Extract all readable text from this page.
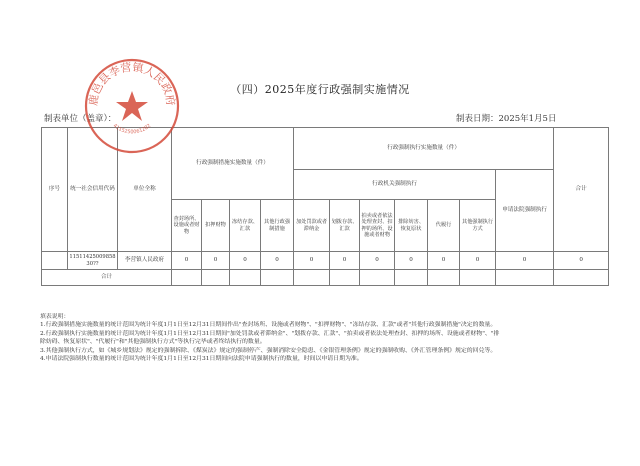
（四）2025年度行政强制实施情况
制表单位（盖章）：	制表日期：2025年1月5日
序号	统一社会信用代码	单位全称	行政强制措施实施数量（件）				行政强制执行实施数量（件）							合计
							行政机关强制执行						申请法院强制执行	
			查封场所、设施或者财物	扣押财物	冻结存款、汇款	其他行政强制措施	加处罚款或者滞纳金	划拨存款、汇款	拍卖或者依法处理查封、扣押的场所、设施或者财物	排除妨害、恢复原状	代履行	其他强制执行方式		
	11511425009858 30??	李营镇人民政府	0	0	0	0	0	0	0	0	0	0	0	0
合计														
填表说明：
1.行政强制措施实施数量的统计范围为统计年度1月1日至12月31日期间作出"查封场所、设施或者财物"、"扣押财物"、"冻结存款、汇款"或者"其他行政强制措施"决定的数量。
2.行政强制执行实施数量的统计范围为统计年度1月1日至12月31日期间"加处罚款或者滞纳金"、"划拨存款、汇款"、"拍卖或者依法处理查封、扣押的场所、设施或者财物"、"排
除妨碍、恢复原状"、"代履行"和"其他强制执行方式"等执行完毕或者终结执行的数量。
3.其他强制执行方式，如《城乡规划法》规定的强制拆除、《煤炭法》规定的强制停产、强制消除安全隐患、《金银管理条例》规定的强制收购、《外汇管理条例》规定的回兑等。
4.申请法院强制执行数量的统计范围为统计年度1月1日至12月31日期间向法院申请强制执行的数量，时间以申请日期为准。
鹿邑县李营镇人民政府
4115250061282
